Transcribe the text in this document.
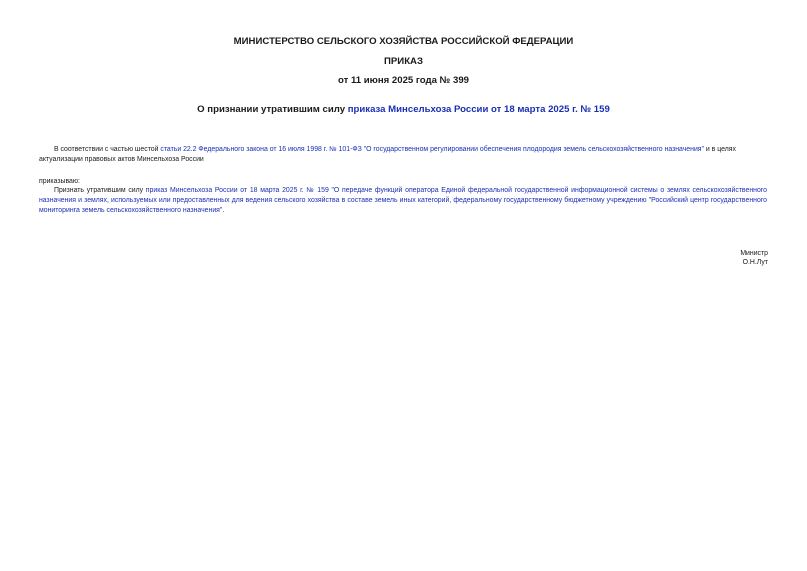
МИНИСТЕРСТВО СЕЛЬСКОГО ХОЗЯЙСТВА РОССИЙСКОЙ ФЕДЕРАЦИИ
ПРИКАЗ
от 11 июня 2025 года № 399
О признании утратившим силу приказа Минсельхоза России от 18 марта 2025 г. № 159
В соответствии с частью шестой статьи 22.2 Федерального закона от 16 июля 1998 г. № 101-ФЗ "О государственном регулировании обеспечения плодородия земель сельскохозяйственного назначения" и в целях актуализации правовых актов Минсельхоза России
приказываю:
Признать утратившим силу приказ Минсельхоза России от 18 марта 2025 г. № 159 "О передаче функций оператора Единой федеральной государственной информационной системы о землях сельскохозяйственного назначения и землях, используемых или предоставленных для ведения сельского хозяйства в составе земель иных категорий, федеральному государственному бюджетному учреждению "Российский центр государственного мониторинга земель сельскохозяйственного назначения".
Министр
О.Н.Лут
